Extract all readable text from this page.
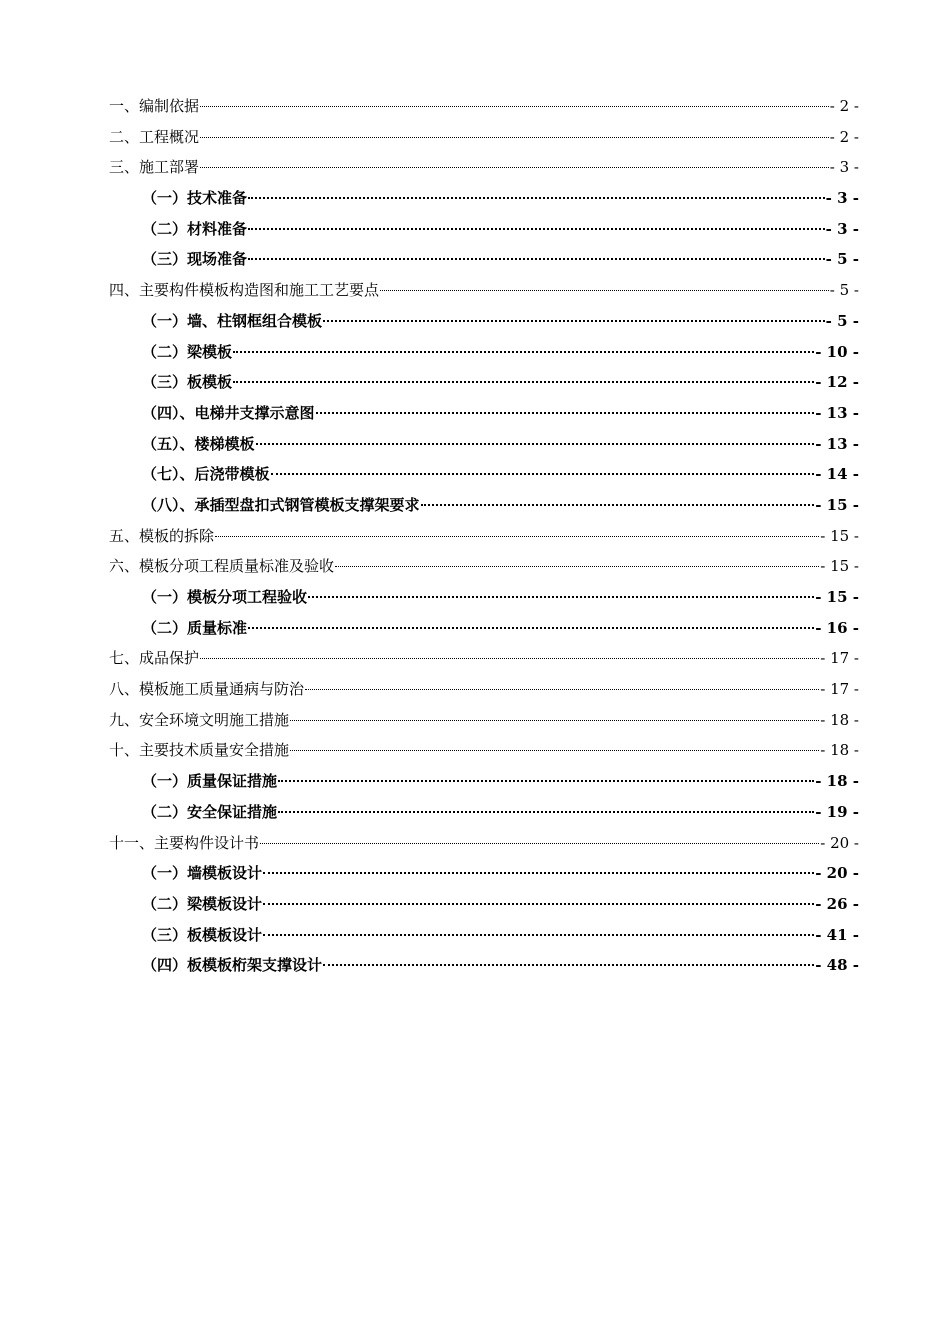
一、编制依据	- 2 -
二、工程概况	- 2 -
三、施工部署	- 3 -
（一）技术准备	- 3 -
（二）材料准备	- 3 -
（三）现场准备	- 5 -
四、主要构件模板构造图和施工工艺要点	- 5 -
（一）墙、柱钢框组合模板	- 5 -
（二）梁模板	- 10 -
（三）板模板	- 12 -
（四）、电梯井支撑示意图	- 13 -
（五）、楼梯模板	- 13 -
（七）、后浇带模板	- 14 -
（八）、承插型盘扣式钢管模板支撑架要求	- 15 -
五、模板的拆除	- 15 -
六、模板分项工程质量标准及验收	- 15 -
（一）模板分项工程验收	- 15 -
（二）质量标准	- 16 -
七、成品保护	- 17 -
八、模板施工质量通病与防治	- 17 -
九、安全环境文明施工措施	- 18 -
十、主要技术质量安全措施	- 18 -
（一）质量保证措施	- 18 -
（二）安全保证措施	- 19 -
十一、主要构件设计书	- 20 -
（一）墙模板设计	- 20 -
（二）梁模板设计	- 26 -
（三）板模板设计	- 41 -
（四）板模板桁架支撑设计	- 48 -
